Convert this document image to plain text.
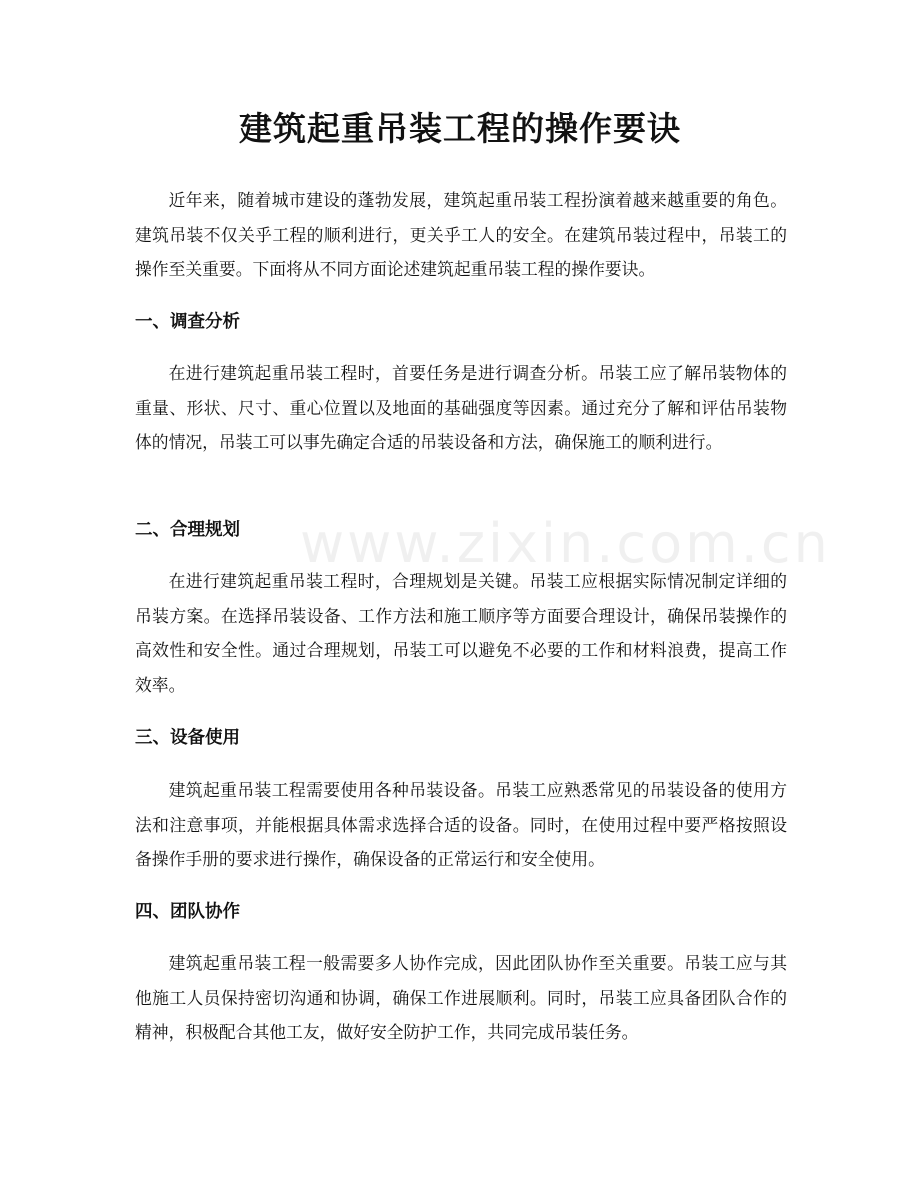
建筑起重吊装工程的操作要诀

近年来，随着城市建设的蓬勃发展，建筑起重吊装工程扮演着越来越重要的角色。建筑吊装不仅关乎工程的顺利进行，更关乎工人的安全。在建筑吊装过程中，吊装工的操作至关重要。下面将从不同方面论述建筑起重吊装工程的操作要诀。

一、调查分析

在进行建筑起重吊装工程时，首要任务是进行调查分析。吊装工应了解吊装物体的重量、形状、尺寸、重心位置以及地面的基础强度等因素。通过充分了解和评估吊装物体的情况，吊装工可以事先确定合适的吊装设备和方法，确保施工的顺利进行。

二、合理规划

在进行建筑起重吊装工程时，合理规划是关键。吊装工应根据实际情况制定详细的吊装方案。在选择吊装设备、工作方法和施工顺序等方面要合理设计，确保吊装操作的高效性和安全性。通过合理规划，吊装工可以避免不必要的工作和材料浪费，提高工作效率。

www.zixin.com.cn
三、设备使用

建筑起重吊装工程需要使用各种吊装设备。吊装工应熟悉常见的吊装设备的使用方法和注意事项，并能根据具体需求选择合适的设备。同时，在使用过程中要严格按照设备操作手册的要求进行操作，确保设备的正常运行和安全使用。

四、团队协作

建筑起重吊装工程一般需要多人协作完成，因此团队协作至关重要。吊装工应与其他施工人员保持密切沟通和协调，确保工作进展顺利。同时，吊装工应具备团队合作的精神，积极配合其他工友，做好安全防护工作，共同完成吊装任务。
